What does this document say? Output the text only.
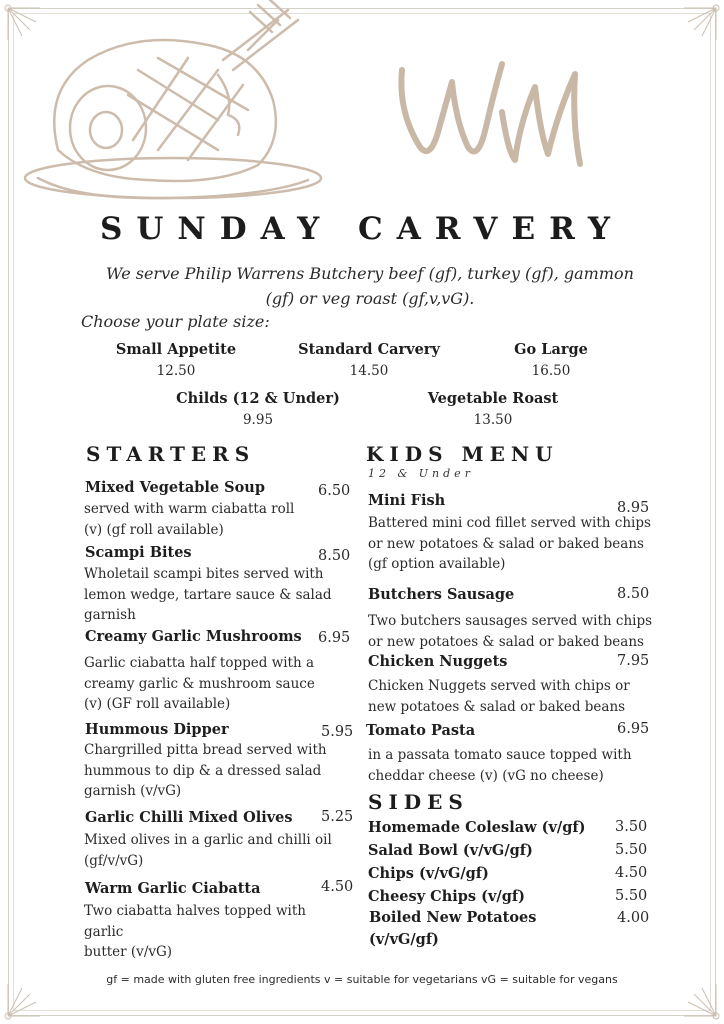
SUNDAY CARVERY
We serve Philip Warrens Butchery beef (gf), turkey (gf), gammon (gf) or veg roast (gf,v,vG).
Choose your plate size:
Small Appetite
12.50
Standard Carvery
14.50
Go Large
16.50
Childs (12 & Under)
9.95
Vegetable Roast
13.50
STARTERS
Mixed Vegetable Soup	6.50
served with warm ciabatta roll
(v) (gf roll available)
Scampi Bites	8.50
Wholetail scampi bites served with
lemon wedge, tartare sauce & salad
garnish
Creamy Garlic Mushrooms 6.95
Garlic ciabatta half topped with a
creamy garlic & mushroom sauce
(v) (GF roll available)
Hummous Dipper	5.95
Chargrilled pitta bread served with
hummous to dip & a dressed salad
garnish (v/vG)
Garlic Chilli Mixed Olives 5.25
Mixed olives in a garlic and chilli oil
(gf/v/vG)
Warm Garlic Ciabatta	4.50
Two ciabatta halves topped with garlic
butter (v/vG)
KIDS MENU
12 & Under
Mini Fish	8.95
Battered mini cod fillet served with chips
or new potatoes & salad or baked beans
(gf option available)
Butchers Sausage	8.50
Two butchers sausages served with chips
or new potatoes & salad or baked beans
Chicken Nuggets	7.95
Chicken Nuggets served with chips or
new potatoes & salad or baked beans
Tomato Pasta	6.95
in a passata tomato sauce topped with
cheddar cheese (v) (vG no cheese)
SIDES
Homemade Coleslaw (v/gf) 3.50
Salad Bowl (v/vG/gf)	5.50
Chips (v/vG/gf)	4.50
Cheesy Chips (v/gf)	5.50
Boiled New Potatoes
(v/vG/gf)
4.00
gf = made with gluten free ingredients v = suitable for vegetarians vG = suitable for vegans
